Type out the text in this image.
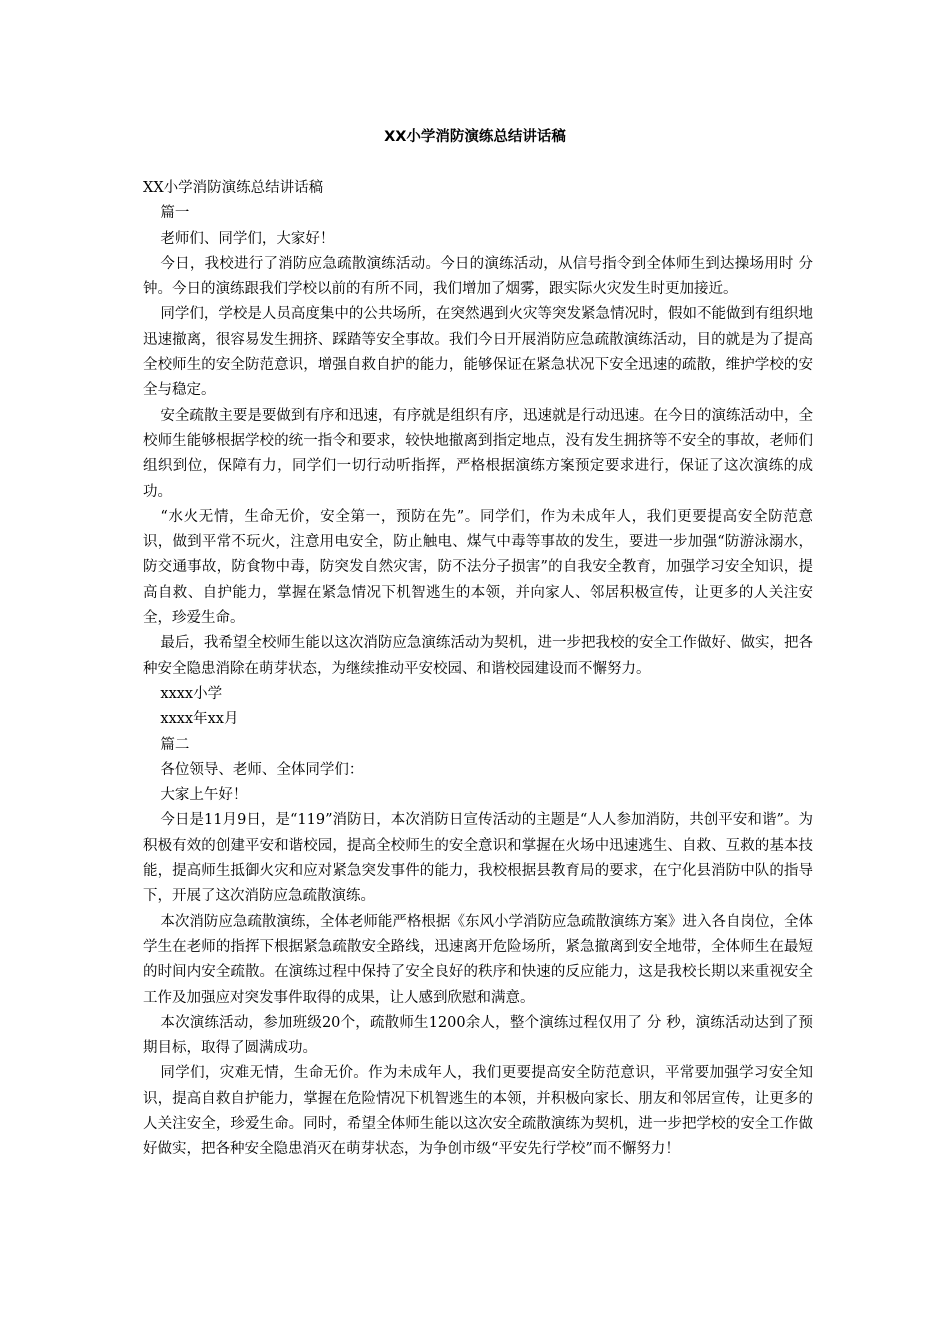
XX小学消防演练总结讲话稿

XX小学消防演练总结讲话稿

篇一

老师们、同学们，大家好！

今日，我校进行了消防应急疏散演练活动。今日的演练活动，从信号指令到全体师生到达操场用时 分钟。今日的演练跟我们学校以前的有所不同，我们增加了烟雾，跟实际火灾发生时更加接近。

同学们，学校是人员高度集中的公共场所，在突然遇到火灾等突发紧急情况时，假如不能做到有组织地迅速撤离，很容易发生拥挤、踩踏等安全事故。我们今日开展消防应急疏散演练活动，目的就是为了提高全校师生的安全防范意识，增强自救自护的能力，能够保证在紧急状况下安全迅速的疏散，维护学校的安全与稳定。

安全疏散主要是要做到有序和迅速，有序就是组织有序，迅速就是行动迅速。在今日的演练活动中，全校师生能够根据学校的统一指令和要求，较快地撤离到指定地点，没有发生拥挤等不安全的事故，老师们组织到位，保障有力，同学们一切行动听指挥，严格根据演练方案预定要求进行，保证了这次演练的成功。

“水火无情，生命无价，安全第一，预防在先”。同学们，作为未成年人，我们更要提高安全防范意识，做到平常不玩火，注意用电安全，防止触电、煤气中毒等事故的发生，要进一步加强“防游泳溺水，防交通事故，防食物中毒，防突发自然灾害，防不法分子损害”的自我安全教育，加强学习安全知识，提高自救、自护能力，掌握在紧急情况下机智逃生的本领，并向家人、邻居积极宣传，让更多的人关注安全，珍爱生命。

最后，我希望全校师生能以这次消防应急演练活动为契机，进一步把我校的安全工作做好、做实，把各种安全隐患消除在萌芽状态，为继续推动平安校园、和谐校园建设而不懈努力。

xxxx小学

xxxx年xx月

篇二

各位领导、老师、全体同学们：

大家上午好！

今日是11月9日，是“119”消防日，本次消防日宣传活动的主题是“人人参加消防，共创平安和谐”。为积极有效的创建平安和谐校园，提高全校师生的安全意识和掌握在火场中迅速逃生、自救、互救的基本技能，提高师生抵御火灾和应对紧急突发事件的能力，我校根据县教育局的要求，在宁化县消防中队的指导下，开展了这次消防应急疏散演练。

本次消防应急疏散演练，全体老师能严格根据《东风小学消防应急疏散演练方案》进入各自岗位，全体学生在老师的指挥下根据紧急疏散安全路线，迅速离开危险场所，紧急撤离到安全地带，全体师生在最短的时间内安全疏散。在演练过程中保持了安全良好的秩序和快速的反应能力，这是我校长期以来重视安全工作及加强应对突发事件取得的成果，让人感到欣慰和满意。

本次演练活动，参加班级20个，疏散师生1200余人，整个演练过程仅用了 分 秒，演练活动达到了预期目标，取得了圆满成功。

同学们，灾难无情，生命无价。作为未成年人，我们更要提高安全防范意识，平常要加强学习安全知识，提高自救自护能力，掌握在危险情况下机智逃生的本领，并积极向家长、朋友和邻居宣传，让更多的人关注安全，珍爱生命。同时，希望全体师生能以这次安全疏散演练为契机，进一步把学校的安全工作做好做实，把各种安全隐患消灭在萌芽状态，为争创市级“平安先行学校”而不懈努力！
